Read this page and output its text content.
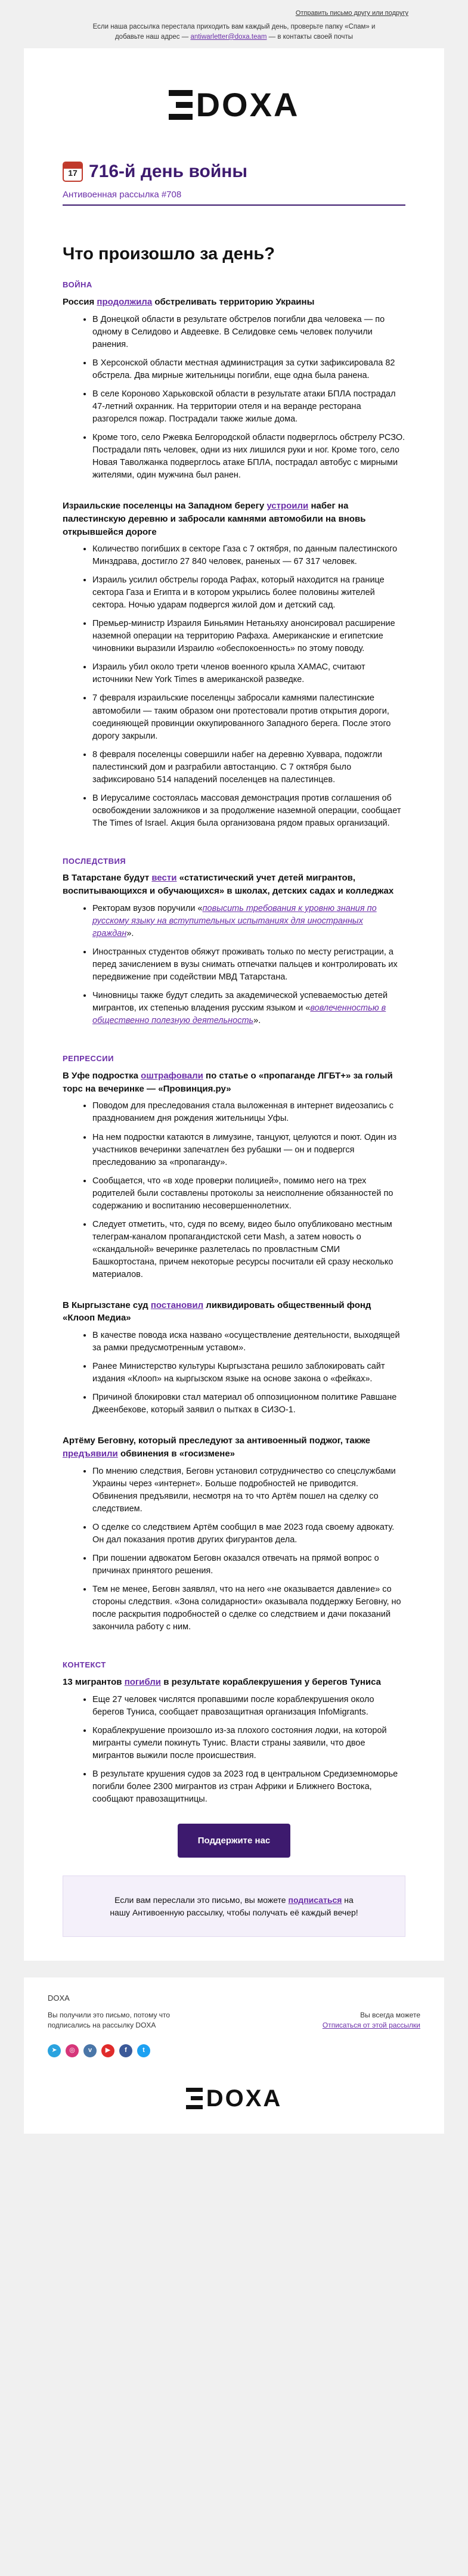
Отправить письмо другу или подругу
Если наша рассылка перестала приходить вам каждый день, проверьте папку «Спам» и
добавьте наш адрес — antiwarletter@doxa.team — в контакты своей почты
DOXA
17 716-й день войны
Антивоенная рассылка #708
Что произошло за день?
ВОЙНА
Россия продолжила обстреливать территорию Украины
• В Донецкой области в результате обстрелов погибли два человека — по одному в Селидово и Авдеевке. В Селидовке семь человек получили ранения.
• В Херсонской области местная администрация за сутки зафиксировала 82 обстрела. Два мирные жительницы погибли, еще одна была ранена.
• В селе Короново Харьковской области в результате атаки БПЛА пострадал 47-летний охранник. На территории отеля и на веранде ресторана разгорелся пожар. Пострадали также жилые дома.
• Кроме того, село Ржевка Белгородской области подверглось обстрелу РСЗО. Пострадали пять человек, одни из них лишился руки и ног. Кроме того, село Новая Таволжанка подверглось атаке БПЛА, пострадал автобус с мирными жителями, один мужчина был ранен.
Израильские поселенцы на Западном берегу устроили набег на палестинскую деревню и забросали камнями автомобили на вновь открывшейся дороге
• Количество погибших в секторе Газа с 7 октября, по данным палестинского Минздрава, достигло 27 840 человек, раненых — 67 317 человек.
• Израиль усилил обстрелы города Рафах, который находится на границе сектора Газа и Египта и в котором укрылись более половины жителей сектора. Ночью ударам подвергся жилой дом и детский сад.
• Премьер-министр Израиля Биньямин Нетаньяху анонсировал расширение наземной операции на территорию Рафаха. Американские и египетские чиновники выразили Израилю «обеспокоенность» по этому поводу.
• Израиль убил около трети членов военного крыла ХАМАС, считают источники New York Times в американской разведке.
• 7 февраля израильские поселенцы забросали камнями палестинские автомобили — таким образом они протестовали против открытия дороги, соединяющей провинции оккупированного Западного берега. После этого дорогу закрыли.
• 8 февраля поселенцы совершили набег на деревню Хуввара, подожгли палестинский дом и разграбили автостанцию. С 7 октября было зафиксировано 514 нападений поселенцев на палестинцев.
• В Иерусалиме состоялась массовая демонстрация против соглашения об освобождении заложников и за продолжение наземной операции, сообщает The Times of Israel. Акция была организована рядом правых организаций.
ПОСЛЕДСТВИЯ
В Татарстане будут вести «статистический учет детей мигрантов, воспитывающихся и обучающихся» в школах, детских садах и колледжах
• Ректорам вузов поручили «повысить требования к уровню знания по русскому языку на вступительных испытаниях для иностранных граждан».
• Иностранных студентов обяжут проживать только по месту регистрации, а перед зачислением в вузы снимать отпечатки пальцев и контролировать их передвижение при содействии МВД Татарстана.
• Чиновницы также будут следить за академической успеваемостью детей мигрантов, их степенью владения русским языком и «вовлеченностью в общественно полезную деятельность».
РЕПРЕССИИ
В Уфе подростка оштрафовали по статье о «пропаганде ЛГБТ+» за голый торс на вечеринке — «Провинция.ру»
• Поводом для преследования стала выложенная в интернет видеозапись с празднованием дня рождения жительницы Уфы.
• На нем подростки катаются в лимузине, танцуют, целуются и поют. Один из участников вечеринки запечатлен без рубашки — он и подвергся преследованию за «пропаганду».
• Сообщается, что «в ходе проверки полицией», помимо него на трех родителей были составлены протоколы за неисполнение обязанностей по содержанию и воспитанию несовершеннолетних.
• Следует отметить, что, судя по всему, видео было опубликовано местным телеграм-каналом пропагандистской сети Mash, а затем новость о «скандальной» вечеринке разлетелась по провластным СМИ Башкортостана, причем некоторые ресурсы посчитали ей сразу несколько материалов.
В Кыргызстане суд постановил ликвидировать общественный фонд «Клооп Медиа»
• В качестве повода иска названо «осуществление деятельности, выходящей за рамки предусмотренным уставом».
• Ранее Министерство культуры Кыргызстана решило заблокировать сайт издания «Клооп» на кыргызском языке на основе закона о «фейках».
• Причиной блокировки стал материал об оппозиционном политике Равшане Джеенбекове, который заявил о пытках в СИЗО-1.
Артёму Беговну, который преследуют за антивоенный поджог, также предъявили обвинения в «госизмене»
• По мнению следствия, Беговн установил сотрудничество со спецслужбами Украины через «интернет». Больше подробностей не приводится. Обвинения предъявили, несмотря на то что Артём пошел на сделку со следствием.
• О сделке со следствием Артём сообщил в мае 2023 года своему адвокату. Он дал показания против других фигурантов дела.
• При пошении адвокатом Беговн оказался отвечать на прямой вопрос о причинах принятого решения.
• Тем не менее, Беговн заявлял, что на него «не оказывается давление» со стороны следствия. «Зона солидарности» оказывала поддержку Беговну, но после раскрытия подробностей о сделке со следствием и дачи показаний закончила работу с ним.
КОНТЕКСТ
13 мигрантов погибли в результате кораблекрушения у берегов Туниса
• Еще 27 человек числятся пропавшими после кораблекрушения около берегов Туниса, сообщает правозащитная организация InfoMigrants.
• Кораблекрушение произошло из-за плохого состояния лодки, на которой мигранты сумели покинуть Тунис. Власти страны заявили, что двое мигрантов выжили после происшествия.
• В результате крушения судов за 2023 год в центральном Средиземноморье погибли более 2300 мигрантов из стран Африки и Ближнего Востока, сообщают правозащитницы.
Поддержите нас
Если вам переслали это письмо, вы можете подписаться на
нашу Антивоенную рассылку, чтобы получать её каждый вечер!
DOXA
Вы получили это письмо, потому что
подписались на рассылку DOXA
Вы всегда можете
Отписаться от этой рассылки
➤	◎	v	▶	f	t
DOXA
